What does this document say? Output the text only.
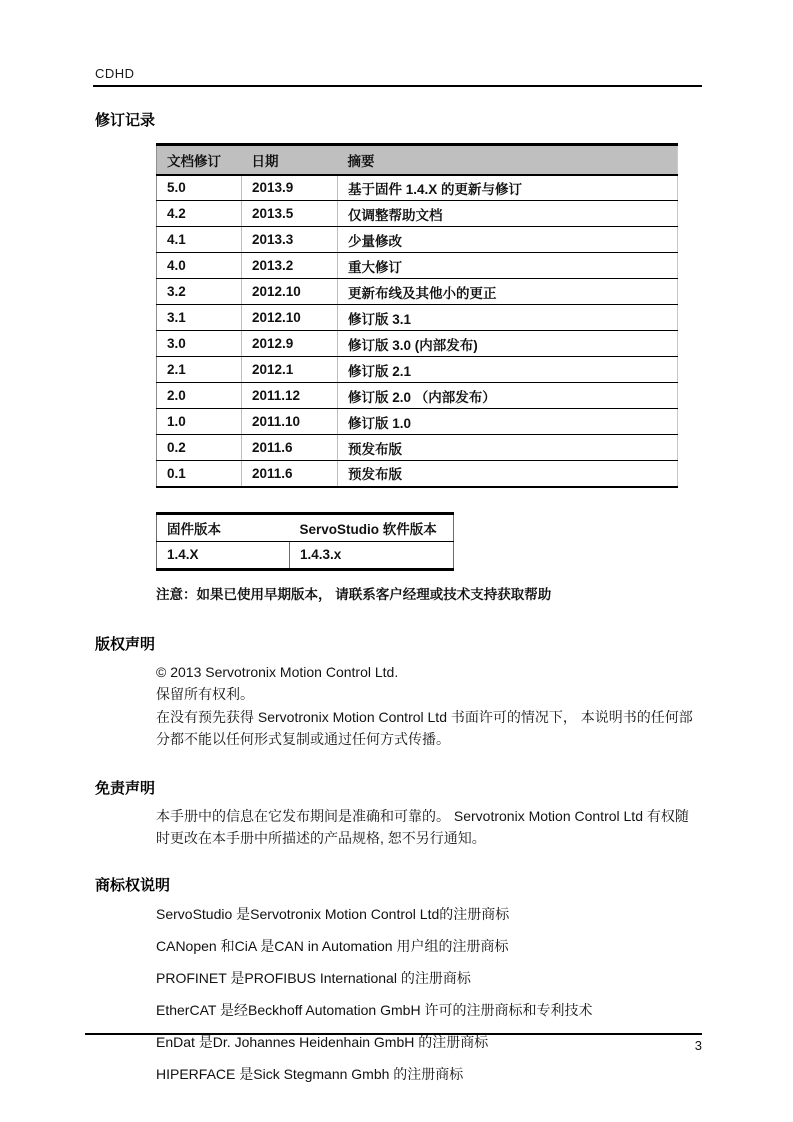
CDHD
修订记录
文档修订	日期	摘要
5.0	2013.9	基于固件 1.4.X 的更新与修订
4.2	2013.5	仅调整帮助文档
4.1	2013.3	少量修改
4.0	2013.2	重大修订
3.2	2012.10	更新布线及其他小的更正
3.1	2012.10	修订版 3.1
3.0	2012.9	修订版 3.0 (内部发布)
2.1	2012.1	修订版 2.1
2.0	2011.12	修订版 2.0 （内部发布）
1.0	2011.10	修订版 1.0
0.2	2011.6	预发布版
0.1	2011.6	预发布版
固件版本	ServoStudio 软件版本
1.4.X	1.4.3.x

注意：如果已使用早期版本， 请联系客户经理或技术支持获取帮助

版权声明

© 2013 Servotronix Motion Control Ltd.

保留所有权利。

在没有预先获得 Servotronix Motion Control Ltd 书面许可的情况下， 本说明书的任何部分都不能以任何形式复制或通过任何方式传播。

免责声明

本手册中的信息在它发布期间是准确和可靠的。 Servotronix Motion Control Ltd 有权随时更改在本手册中所描述的产品规格, 恕不另行通知。

商标权说明
ServoStudio 是Servotronix Motion Control Ltd的注册商标
CANopen 和CiA 是CAN in Automation 用户组的注册商标
PROFINET 是PROFIBUS International 的注册商标
EtherCAT 是经Beckhoff Automation GmbH 许可的注册商标和专利技术
EnDat 是Dr. Johannes Heidenhain GmbH 的注册商标
HIPERFACE 是Sick Stegmann Gmbh 的注册商标
3
